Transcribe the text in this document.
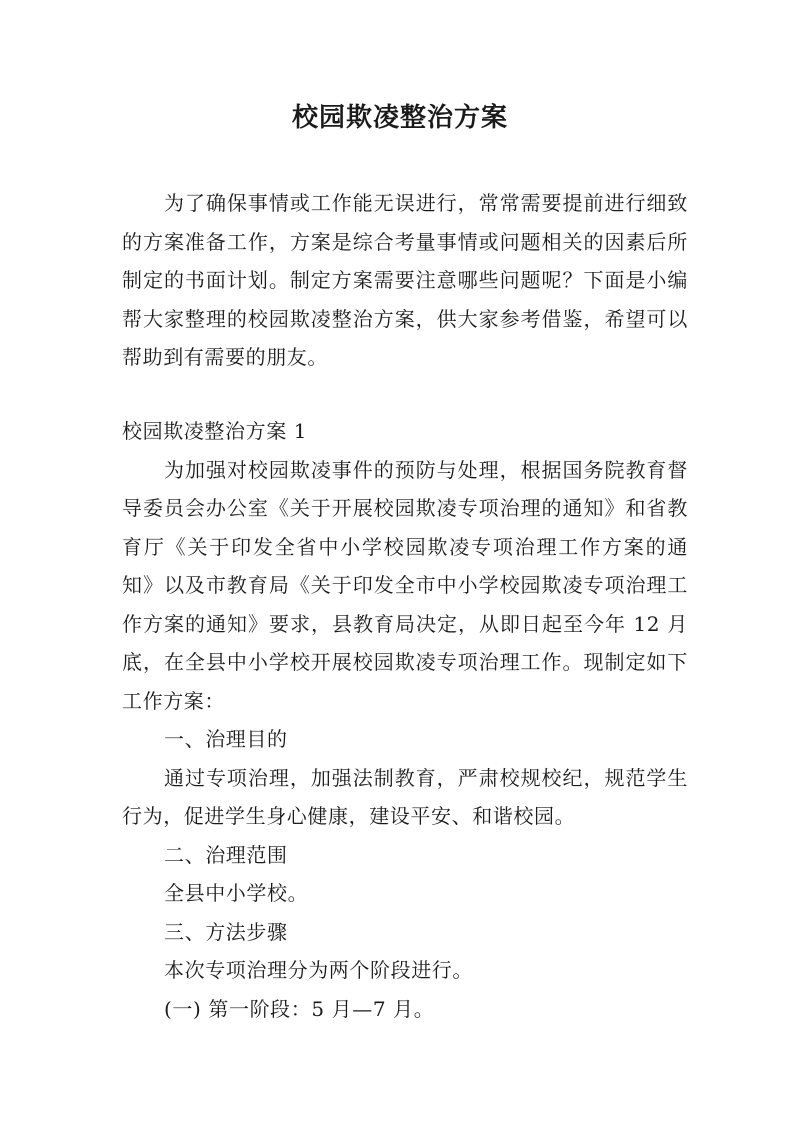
校园欺凌整治方案

为了确保事情或工作能无误进行，常常需要提前进行细致的方案准备工作，方案是综合考量事情或问题相关的因素后所制定的书面计划。制定方案需要注意哪些问题呢？下面是小编帮大家整理的校园欺凌整治方案，供大家参考借鉴，希望可以帮助到有需要的朋友。

校园欺凌整治方案 1

为加强对校园欺凌事件的预防与处理，根据国务院教育督导委员会办公室《关于开展校园欺凌专项治理的通知》和省教育厅《关于印发全省中小学校园欺凌专项治理工作方案的通知》以及市教育局《关于印发全市中小学校园欺凌专项治理工作方案的通知》要求，县教育局决定，从即日起至今年 12 月底，在全县中小学校开展校园欺凌专项治理工作。现制定如下工作方案：

一、治理目的

通过专项治理，加强法制教育，严肃校规校纪，规范学生行为，促进学生身心健康，建设平安、和谐校园。

二、治理范围

全县中小学校。

三、方法步骤

本次专项治理分为两个阶段进行。

(一) 第一阶段：5 月—7 月。
